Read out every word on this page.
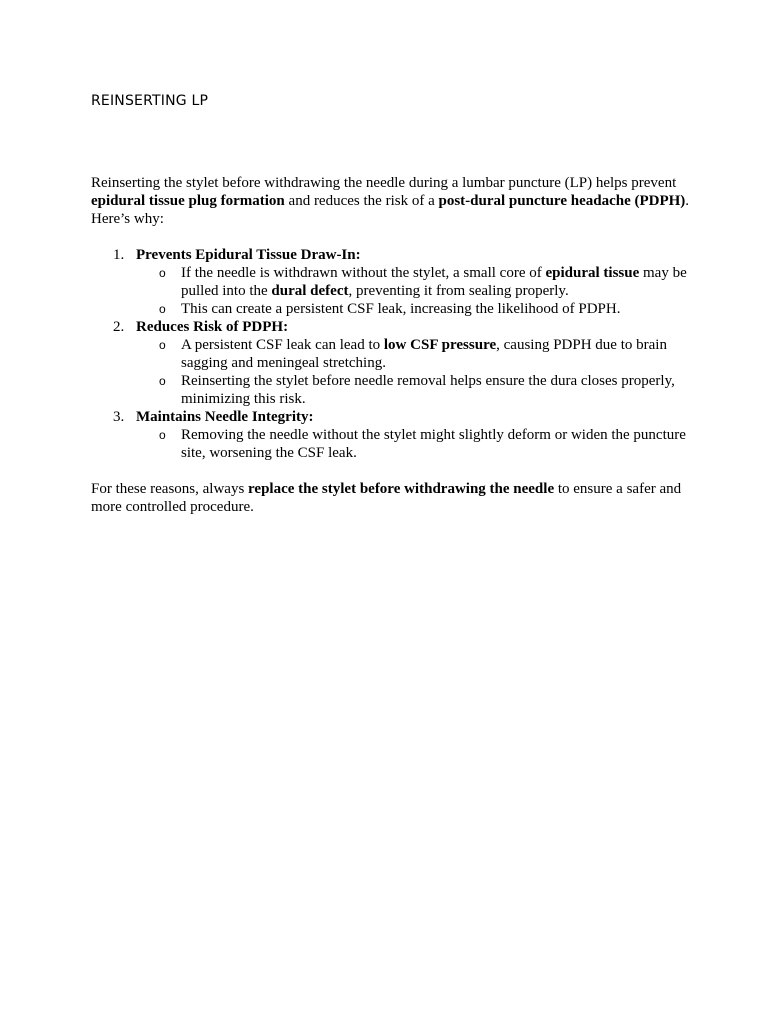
REINSERTING LP

Reinserting the stylet before withdrawing the needle during a lumbar puncture (LP) helps prevent epidural tissue plug formation and reduces the risk of a post-dural puncture headache (PDPH). Here’s why:

1. Prevents Epidural Tissue Draw-In:
o If the needle is withdrawn without the stylet, a small core of epidural tissue may be pulled into the dural defect, preventing it from sealing properly.
o This can create a persistent CSF leak, increasing the likelihood of PDPH.
2. Reduces Risk of PDPH:
o A persistent CSF leak can lead to low CSF pressure, causing PDPH due to brain sagging and meningeal stretching.
o Reinserting the stylet before needle removal helps ensure the dura closes properly, minimizing this risk.
3. Maintains Needle Integrity:
o Removing the needle without the stylet might slightly deform or widen the puncture site, worsening the CSF leak.

For these reasons, always replace the stylet before withdrawing the needle to ensure a safer and more controlled procedure.
